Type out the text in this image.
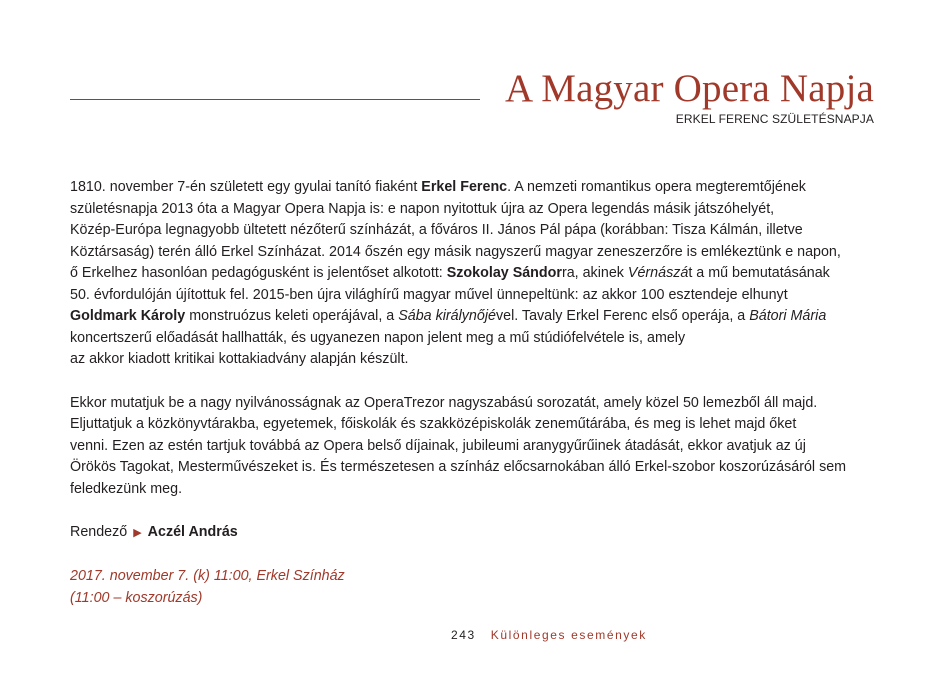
A Magyar Opera Napja
ERKEL FERENC SZÜLETÉSNAPJA
1810. november 7-én született egy gyulai tanító fiaként Erkel Ferenc. A nemzeti romantikus opera megteremtőjének
születésnapja 2013 óta a Magyar Opera Napja is: e napon nyitottuk újra az Opera legendás másik játszóhelyét,
Közép-Európa legnagyobb ültetett nézőterű színházát, a főváros II. János Pál pápa (korábban: Tisza Kálmán, illetve
Köztársaság) terén álló Erkel Színházat. 2014 őszén egy másik nagyszerű magyar zeneszerzőre is emlékeztünk e napon,
ő Erkelhez hasonlóan pedagógusként is jelentőset alkotott: Szokolay Sándorra, akinek Vérnászát a mű bemutatásának
50. évfordulóján újítottuk fel. 2015-ben újra világhírű magyar művel ünnepeltünk: az akkor 100 esztendeje elhunyt
Goldmark Károly monstruózus keleti operájával, a Sába királynőjével. Tavaly Erkel Ferenc első operája, a Bátori Mária
koncertszerű előadását hallhatták, és ugyanezen napon jelent meg a mű stúdiófelvétele is, amely
az akkor kiadott kritikai kottakiadvány alapján készült.
Ekkor mutatjuk be a nagy nyilvánosságnak az OperaTrezor nagyszabású sorozatát, amely közel 50 lemezből áll majd.
Eljuttatjuk a közkönyvtárakba, egyetemek, főiskolák és szakközépiskolák zeneműtárába, és meg is lehet majd őket
venni. Ezen az estén tartjuk továbbá az Opera belső díjainak, jubileumi aranygyűrűinek átadását, ekkor avatjuk az új
Örökös Tagokat, Mesterművészeket is. És természetesen a színház előcsarnokában álló Erkel-szobor koszorúzásáról sem
feledkezünk meg.
Rendező ▶ Aczél András
2017. november 7. (k) 11:00, Erkel Színház
(11:00 – koszorúzás)
243 Különleges események
